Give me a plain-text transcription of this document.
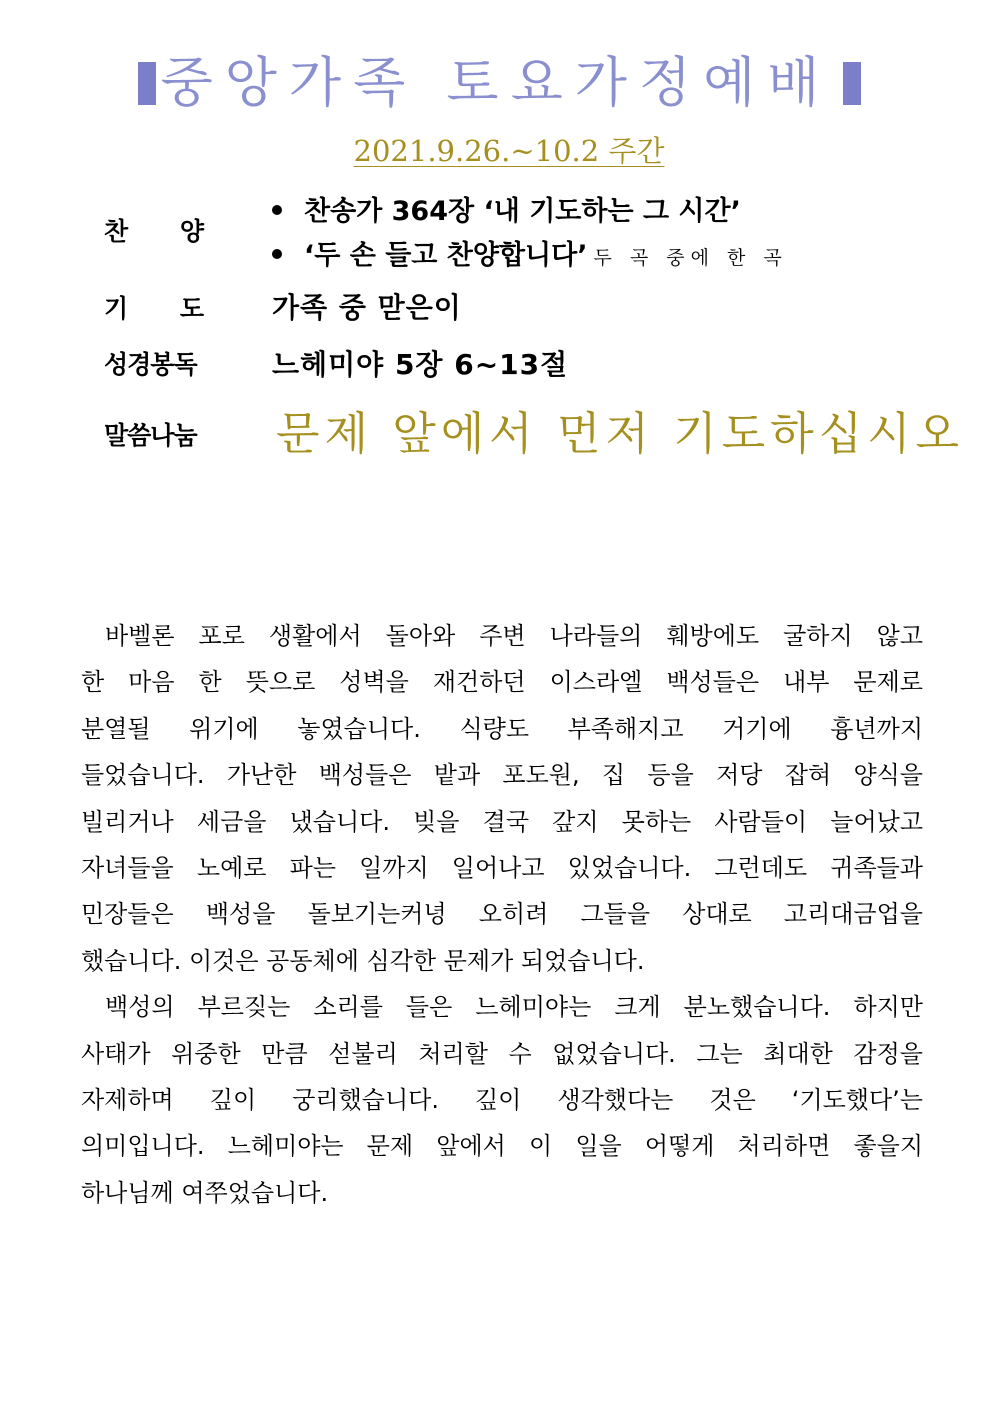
중앙가족 토요가정예배
2021.9.26.~10.2 주간
찬 양
찬송가 364장 ‘내 기도하는 그 시간’
‘두 손 들고 찬양합니다’ 두 곡 중에 한 곡
기 도 가족 중 맏은이
성경봉독	느헤미야 5장 6~13절
말씀나눔 문제 앞에서 먼저 기도하십시오
바벨론 포로 생활에서 돌아와 주변 나라들의 훼방에도 굴하지 않고
한 마음 한 뜻으로 성벽을 재건하던 이스라엘 백성들은 내부 문제로
분열될 위기에 놓였습니다. 식량도 부족해지고 거기에 흉년까지
들었습니다. 가난한 백성들은 밭과 포도원, 집 등을 저당 잡혀 양식을
빌리거나 세금을 냈습니다. 빚을 결국 갚지 못하는 사람들이 늘어났고
자녀들을 노예로 파는 일까지 일어나고 있었습니다. 그런데도 귀족들과
민장들은 백성을 돌보기는커녕 오히려 그들을 상대로 고리대금업을
했습니다. 이것은 공동체에 심각한 문제가 되었습니다.
백성의 부르짖는 소리를 들은 느헤미야는 크게 분노했습니다. 하지만
사태가 위중한 만큼 섣불리 처리할 수 없었습니다. 그는 최대한 감정을
자제하며 깊이 궁리했습니다. 깊이 생각했다는 것은 ‘기도했다’는
의미입니다. 느헤미야는 문제 앞에서 이 일을 어떻게 처리하면 좋을지
하나님께 여쭈었습니다.
